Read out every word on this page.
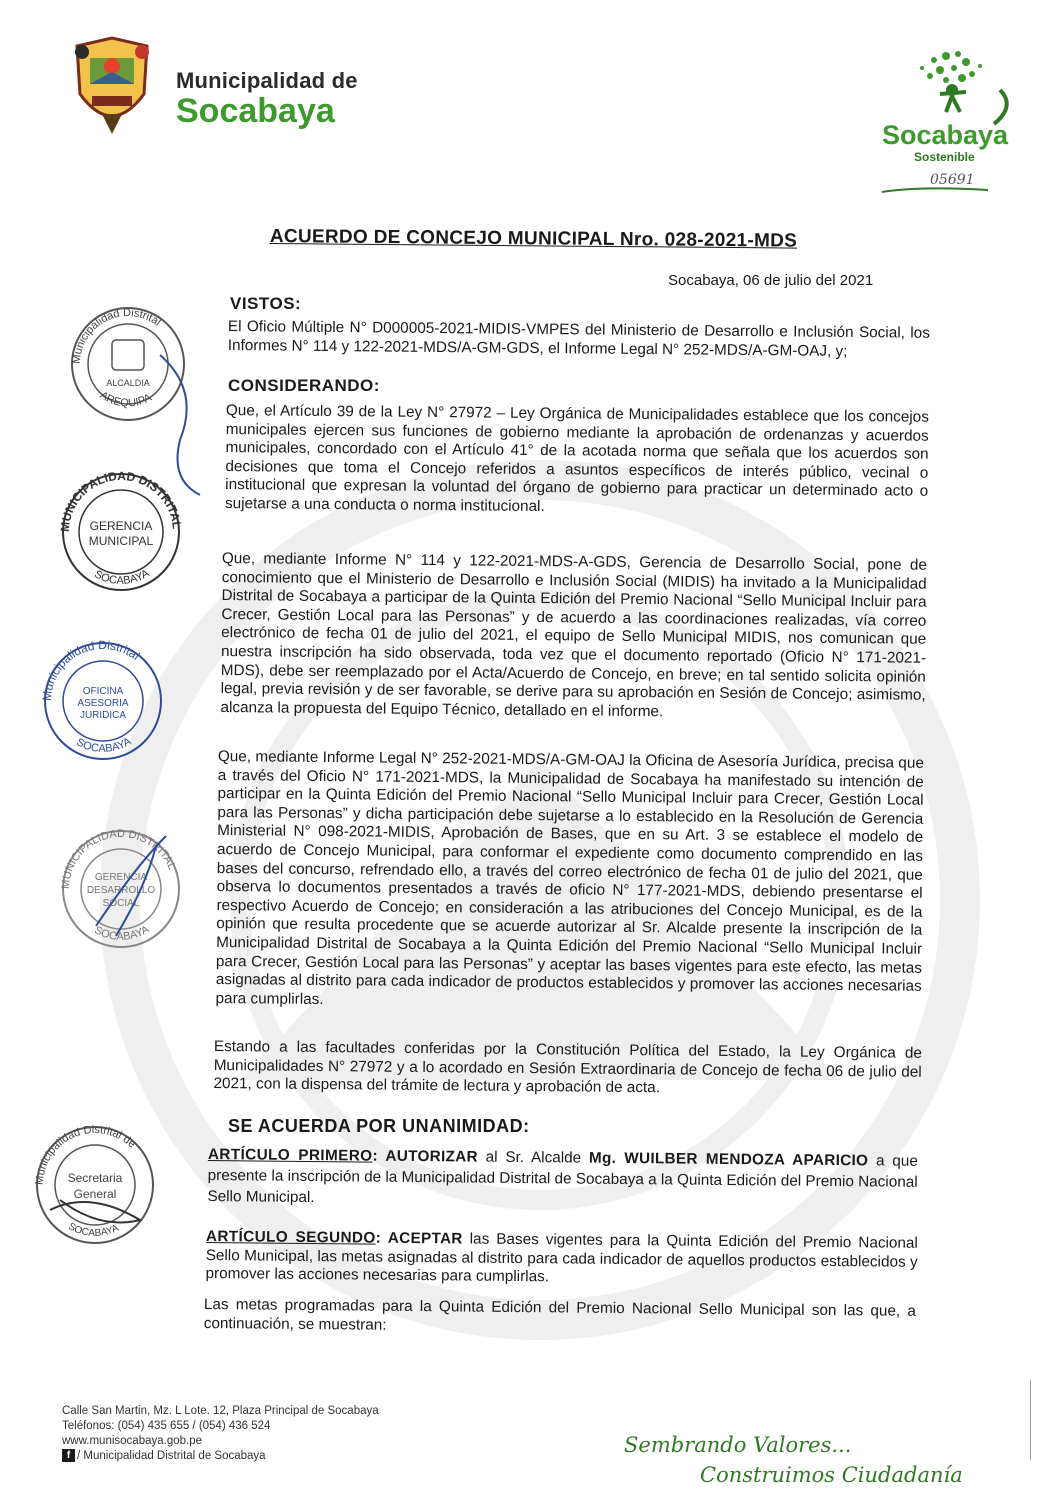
Municipalidad de
Socabaya
Socabaya
Sostenible
05691
ACUERDO DE CONCEJO MUNICIPAL Nro. 028-2021-MDS
Socabaya, 06 de julio del 2021
VISTOS:
El Oficio Múltiple N° D000005-2021-MIDIS-VMPES del Ministerio de Desarrollo e Inclusión Social, los Informes N° 114 y 122-2021-MDS/A-GM-GDS, el Informe Legal N° 252-MDS/A-GM-OAJ, y;
CONSIDERANDO:
Que, el Artículo 39 de la Ley N° 27972 – Ley Orgánica de Municipalidades establece que los concejos municipales ejercen sus funciones de gobierno mediante la aprobación de ordenanzas y acuerdos municipales, concordado con el Artículo 41° de la acotada norma que señala que los acuerdos son decisiones que toma el Concejo referidos a asuntos específicos de interés público, vecinal o institucional que expresan la voluntad del órgano de gobierno para practicar un determinado acto o sujetarse a una conducta o norma institucional.
Que, mediante Informe N° 114 y 122-2021-MDS-A-GDS, Gerencia de Desarrollo Social, pone de conocimiento que el Ministerio de Desarrollo e Inclusión Social (MIDIS) ha invitado a la Municipalidad Distrital de Socabaya a participar de la Quinta Edición del Premio Nacional “Sello Municipal Incluir para Crecer, Gestión Local para las Personas” y de acuerdo a las coordinaciones realizadas, vía correo electrónico de fecha 01 de julio del 2021, el equipo de Sello Municipal MIDIS, nos comunican que nuestra inscripción ha sido observada, toda vez que el documento reportado (Oficio N° 171-2021-MDS), debe ser reemplazado por el Acta/Acuerdo de Concejo, en breve; en tal sentido solicita opinión legal, previa revisión y de ser favorable, se derive para su aprobación en Sesión de Concejo; asimismo, alcanza la propuesta del Equipo Técnico, detallado en el informe.
Que, mediante Informe Legal N° 252-2021-MDS/A-GM-OAJ la Oficina de Asesoría Jurídica, precisa que a través del Oficio N° 171-2021-MDS, la Municipalidad de Socabaya ha manifestado su intención de participar en la Quinta Edición del Premio Nacional “Sello Municipal Incluir para Crecer, Gestión Local para las Personas” y dicha participación debe sujetarse a lo establecido en la Resolución de Gerencia Ministerial N° 098-2021-MIDIS, Aprobación de Bases, que en su Art. 3 se establece el modelo de acuerdo de Concejo Municipal, para conformar el expediente como documento comprendido en las bases del concurso, refrendado ello, a través del correo electrónico de fecha 01 de julio del 2021, que observa lo documentos presentados a través de oficio N° 177-2021-MDS, debiendo presentarse el respectivo Acuerdo de Concejo; en consideración a las atribuciones del Concejo Municipal, es de la opinión que resulta procedente que se acuerde autorizar al Sr. Alcalde presente la inscripción de la Municipalidad Distrital de Socabaya a la Quinta Edición del Premio Nacional “Sello Municipal Incluir para Crecer, Gestión Local para las Personas” y aceptar las bases vigentes para este efecto, las metas asignadas al distrito para cada indicador de productos establecidos y promover las acciones necesarias para cumplirlas.
Estando a las facultades conferidas por la Constitución Política del Estado, la Ley Orgánica de Municipalidades N° 27972 y a lo acordado en Sesión Extraordinaria de Concejo de fecha 06 de julio del 2021, con la dispensa del trámite de lectura y aprobación de acta.
SE ACUERDA POR UNANIMIDAD:
ARTÍCULO PRIMERO: AUTORIZAR al Sr. Alcalde Mg. WUILBER MENDOZA APARICIO a que presente la inscripción de la Municipalidad Distrital de Socabaya a la Quinta Edición del Premio Nacional Sello Municipal.
ARTÍCULO SEGUNDO: ACEPTAR las Bases vigentes para la Quinta Edición del Premio Nacional Sello Municipal, las metas asignadas al distrito para cada indicador de aquellos productos establecidos y promover las acciones necesarias para cumplirlas.
Las metas programadas para la Quinta Edición del Premio Nacional Sello Municipal son las que, a continuación, se muestran:
Municipalidad Distrital
AREQUIPA
ALCALDIA
MUNICIPALIDAD DISTRITAL
SOCABAYA
GERENCIA
MUNICIPAL
Municipalidad Distrital
SOCABAYA
OFICINA
ASESORIA
JURIDICA
MUNICIPALIDAD DISTRITAL
SOCABAYA
GERENCIA
DESARROLLO
SOCIAL
Municipalidad Distrital de
SOCABAYA
Secretaria
General
Calle San Martin, Mz. L Lote. 12, Plaza Principal de Socabaya
Teléfonos: (054) 435 655 / (054) 436 524
www.munisocabaya.gob.pe
f / Municipalidad Distrital de Socabaya	Sembrando Valores...
Construimos Ciudadanía
